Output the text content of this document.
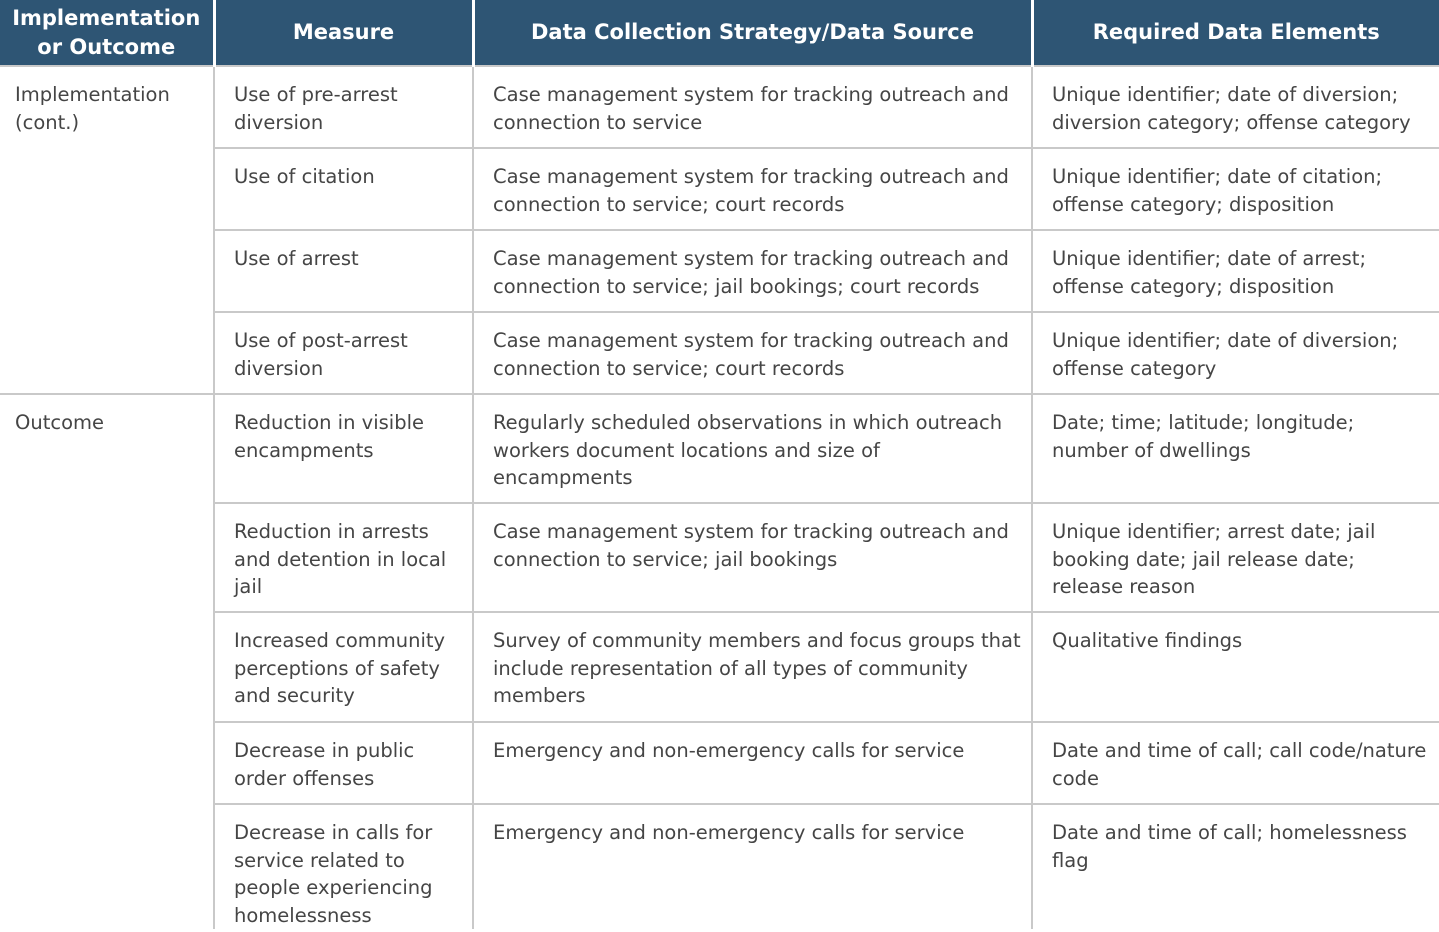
Implementation or Outcome	Measure	Data Collection Strategy/Data Source	Required Data Elements
Implementation (cont.)	Use of pre-arrest diversion	Case management system for tracking outreach and connection to service	Unique identifier; date of diversion; diversion category; offense category
	Use of citation	Case management system for tracking outreach and connection to service; court records	Unique identifier; date of citation; offense category; disposition
	Use of arrest	Case management system for tracking outreach and connection to service; jail bookings; court records	Unique identifier; date of arrest; offense category; disposition
	Use of post-arrest diversion	Case management system for tracking outreach and connection to service; court records	Unique identifier; date of diversion; offense category
Outcome	Reduction in visible encampments	Regularly scheduled observations in which outreach workers document locations and size of encampments	Date; time; latitude; longitude; number of dwellings
	Reduction in arrests and detention in local jail	Case management system for tracking outreach and connection to service; jail bookings	Unique identifier; arrest date; jail booking date; jail release date; release reason
	Increased community perceptions of safety and security	Survey of community members and focus groups that include representation of all types of community members	Qualitative findings
	Decrease in public order offenses	Emergency and non-emergency calls for service	Date and time of call; call code/nature code
	Decrease in calls for service related to people experiencing homelessness	Emergency and non-emergency calls for service	Date and time of call; homelessness flag
